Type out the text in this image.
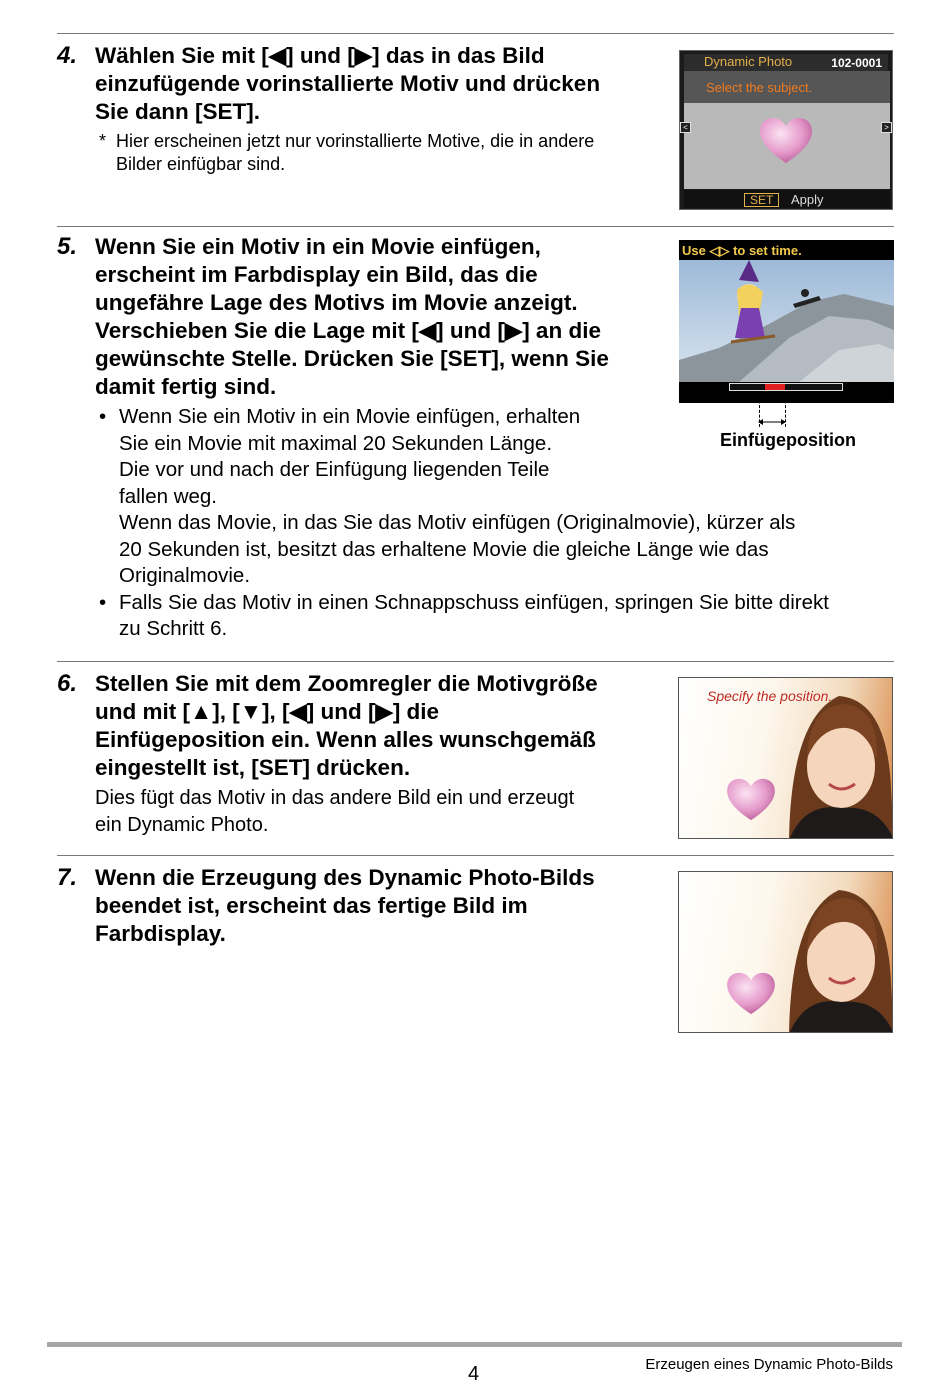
4. Wählen Sie mit [◀] und [▶] das in das Bild
einzufügende vorinstallierte Motiv und drücken
Sie dann [SET].
* Hier erscheinen jetzt nur vorinstallierte Motive, die in andere
Bilder einfügbar sind.
Dynamic Photo	102-0001
Select the subject.
<	>
SET	Apply
5. Wenn Sie ein Motiv in ein Movie einfügen,
erscheint im Farbdisplay ein Bild, das die
ungefähre Lage des Motivs im Movie anzeigt.
Verschieben Sie die Lage mit [◀] und [▶] an die
gewünschte Stelle. Drücken Sie [SET], wenn Sie
damit fertig sind.
• Wenn Sie ein Motiv in ein Movie einfügen, erhalten
Sie ein Movie mit maximal 20 Sekunden Länge.
Die vor und nach der Einfügung liegenden Teile
fallen weg.
Wenn das Movie, in das Sie das Motiv einfügen (Originalmovie), kürzer als
20 Sekunden ist, besitzt das erhaltene Movie die gleiche Länge wie das
Originalmovie.
• Falls Sie das Motiv in einen Schnappschuss einfügen, springen Sie bitte direkt
zu Schritt 6.
Use ◁▷ to set time.
Einfügeposition
6. Stellen Sie mit dem Zoomregler die Motivgröße
und mit [▲], [▼], [◀] und [▶] die
Einfügeposition ein. Wenn alles wunschgemäß
eingestellt ist, [SET] drücken.
Dies fügt das Motiv in das andere Bild ein und erzeugt
ein Dynamic Photo.
Specify the position.
7. Wenn die Erzeugung des Dynamic Photo-Bilds
beendet ist, erscheint das fertige Bild im
Farbdisplay.
4	Erzeugen eines Dynamic Photo-Bilds
